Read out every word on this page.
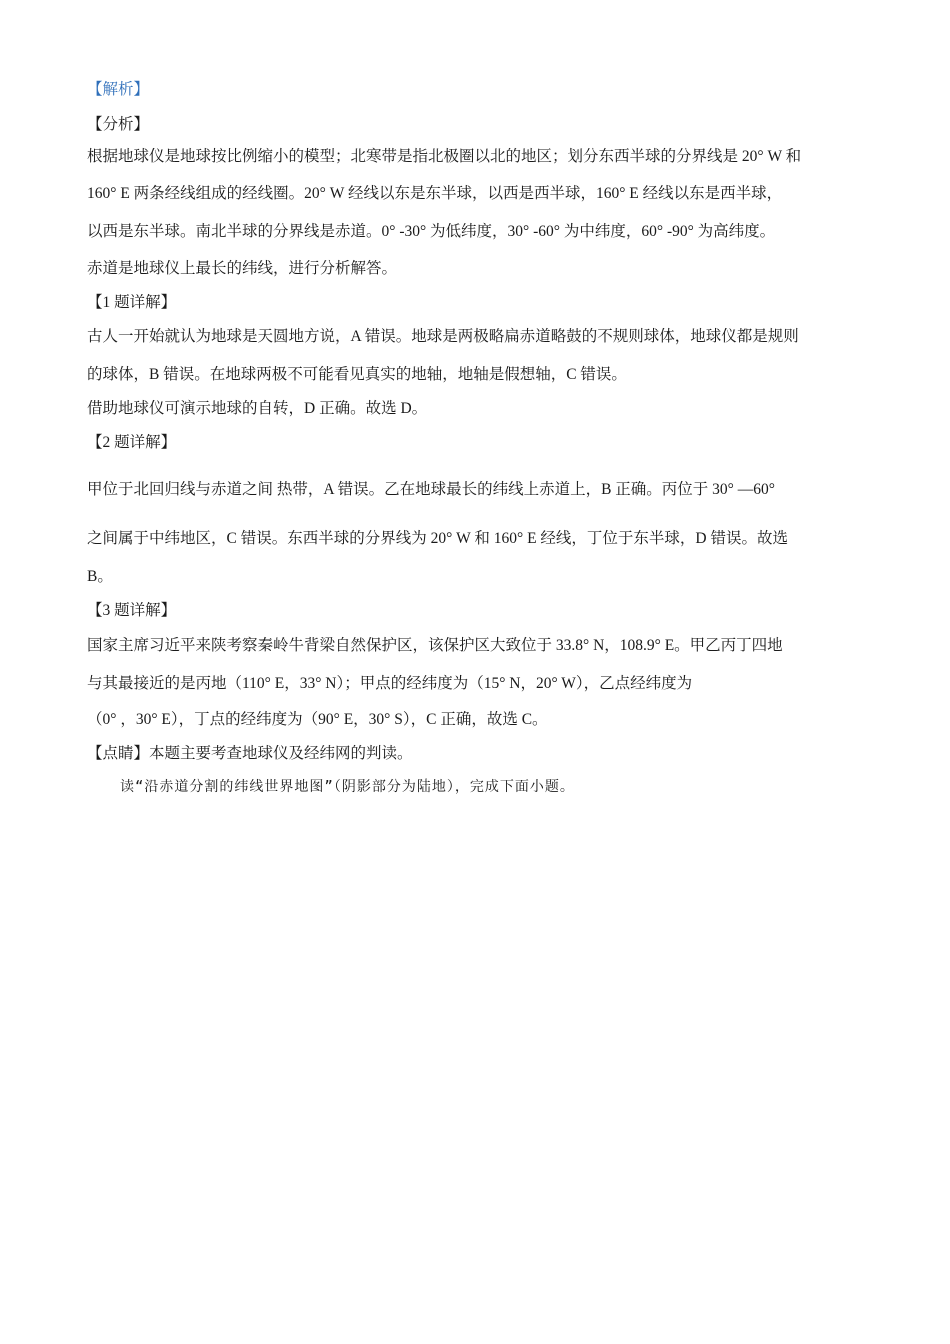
【解析】
【分析】
根据地球仪是地球按比例缩小的模型；北寒带是指北极圈以北的地区；划分东西半球的分界线是 20° W 和
160° E 两条经线组成的经线圈。20° W 经线以东是东半球，以西是西半球，160° E 经线以东是西半球，
以西是东半球。南北半球的分界线是赤道。0° -30° 为低纬度，30° -60° 为中纬度，60° -90° 为高纬度。
赤道是地球仪上最长的纬线，进行分析解答。
【1 题详解】
古人一开始就认为地球是天圆地方说，A 错误。地球是两极略扁赤道略鼓的不规则球体，地球仪都是规则
的球体，B 错误。在地球两极不可能看见真实的地轴，地轴是假想轴，C 错误。
借助地球仪可演示地球的自转，D 正确。故选 D。
【2 题详解】
甲位于北回归线与赤道之间 热带，A 错误。乙在地球最长的纬线上赤道上，B 正确。丙位于 30° —60°
之间属于中纬地区，C 错误。东西半球的分界线为 20° W 和 160° E 经线，丁位于东半球，D 错误。故选
B。
【3 题详解】
国家主席习近平来陕考察秦岭牛背梁自然保护区，该保护区大致位于 33.8° N，108.9° E。甲乙丙丁四地
与其最接近的是丙地（110° E，33° N）；甲点的经纬度为（15° N，20° W），乙点经纬度为
（0° ，30° E），丁点的经纬度为（90° E，30° S），C 正确，故选 C。
【点睛】本题主要考查地球仪及经纬网的判读。
读“沿赤道分割的纬线世界地图”（阴影部分为陆地），完成下面小题。
